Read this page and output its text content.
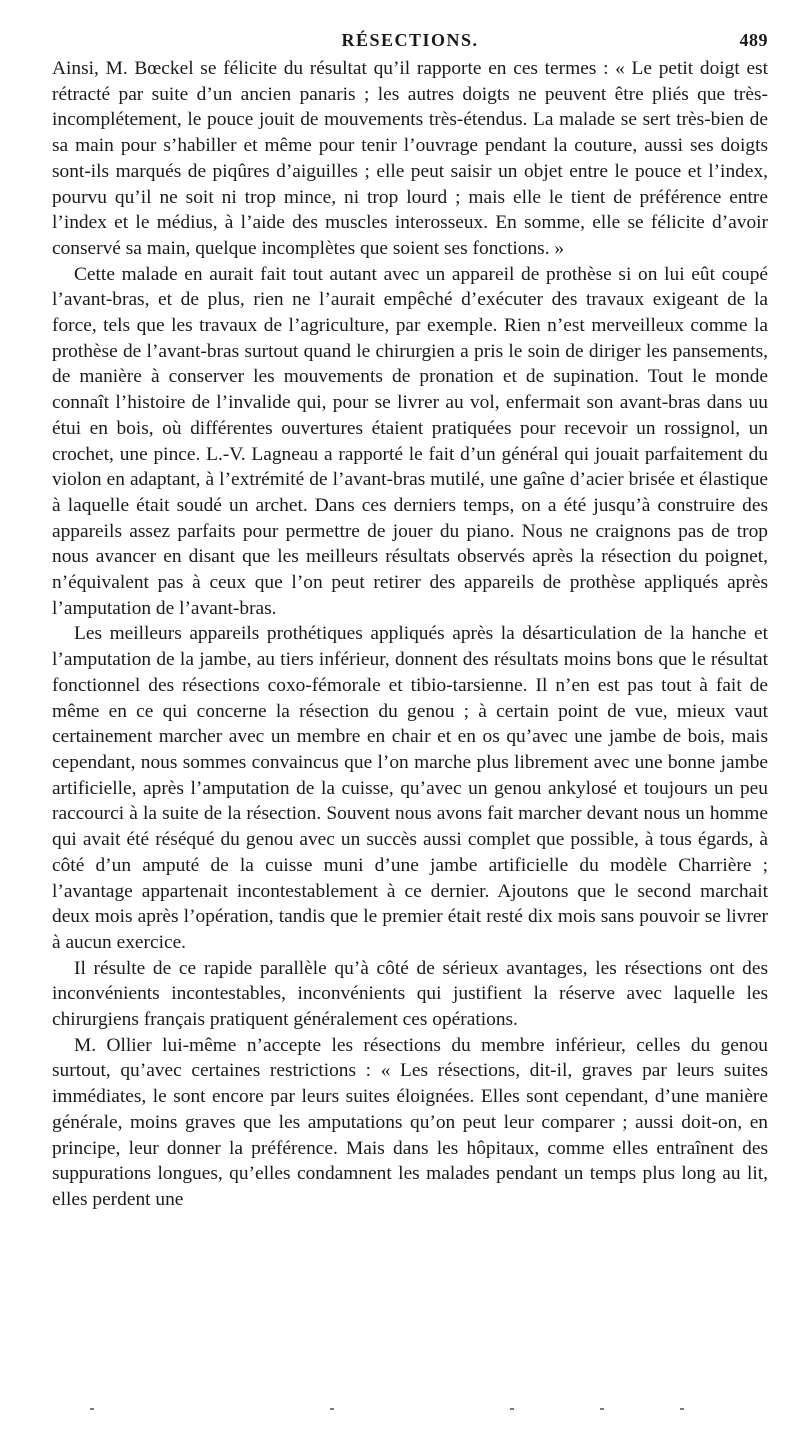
RÉSECTIONS.	489

Ainsi, M. Bœckel se félicite du résultat qu’il rapporte en ces termes : « Le petit doigt est rétracté par suite d’un ancien panaris ; les autres doigts ne peuvent être pliés que très-incomplétement, le pouce jouit de mouvements très-étendus. La malade se sert très-bien de sa main pour s’habiller et même pour tenir l’ouvrage pendant la couture, aussi ses doigts sont-ils marqués de piqûres d’aiguilles ; elle peut saisir un objet entre le pouce et l’index, pourvu qu’il ne soit ni trop mince, ni trop lourd ; mais elle le tient de préférence entre l’index et le médius, à l’aide des muscles interosseux. En somme, elle se félicite d’avoir conservé sa main, quelque incomplètes que soient ses fonctions. »

Cette malade en aurait fait tout autant avec un appareil de prothèse si on lui eût coupé l’avant-bras, et de plus, rien ne l’aurait empêché d’exécuter des travaux exigeant de la force, tels que les travaux de l’agriculture, par exemple. Rien n’est merveilleux comme la prothèse de l’avant-bras surtout quand le chirurgien a pris le soin de diriger les pansements, de manière à conserver les mouvements de pronation et de supination. Tout le monde connaît l’histoire de l’invalide qui, pour se livrer au vol, enfermait son avant-bras dans uu étui en bois, où différentes ouvertures étaient pratiquées pour recevoir un rossignol, un crochet, une pince. L.-V. Lagneau a rapporté le fait d’un général qui jouait parfaitement du violon en adaptant, à l’extrémité de l’avant-bras mutilé, une gaîne d’acier brisée et élastique à laquelle était soudé un archet. Dans ces derniers temps, on a été jusqu’à construire des appareils assez parfaits pour permettre de jouer du piano. Nous ne craignons pas de trop nous avancer en disant que les meilleurs résultats observés après la résection du poignet, n’équivalent pas à ceux que l’on peut retirer des appareils de prothèse appliqués après l’amputation de l’avant-bras.

Les meilleurs appareils prothétiques appliqués après la désarticulation de la hanche et l’amputation de la jambe, au tiers inférieur, donnent des résultats moins bons que le résultat fonctionnel des résections coxo-fémorale et tibio-tarsienne. Il n’en est pas tout à fait de même en ce qui concerne la résection du genou ; à certain point de vue, mieux vaut certainement marcher avec un membre en chair et en os qu’avec une jambe de bois, mais cependant, nous sommes convaincus que l’on marche plus librement avec une bonne jambe artificielle, après l’amputation de la cuisse, qu’avec un genou ankylosé et toujours un peu raccourci à la suite de la résection. Souvent nous avons fait marcher devant nous un homme qui avait été réséqué du genou avec un succès aussi complet que possible, à tous égards, à côté d’un amputé de la cuisse muni d’une jambe artificielle du modèle Charrière ; l’avantage appartenait incontestablement à ce dernier. Ajoutons que le second marchait deux mois après l’opération, tandis que le premier était resté dix mois sans pouvoir se livrer à aucun exercice.

Il résulte de ce rapide parallèle qu’à côté de sérieux avantages, les résections ont des inconvénients incontestables, inconvénients qui justifient la réserve avec laquelle les chirurgiens français pratiquent généralement ces opérations.

M. Ollier lui-même n’accepte les résections du membre inférieur, celles du genou surtout, qu’avec certaines restrictions : « Les résections, dit-il, graves par leurs suites immédiates, le sont encore par leurs suites éloignées. Elles sont cependant, d’une manière générale, moins graves que les amputations qu’on peut leur comparer ; aussi doit-on, en principe, leur donner la préférence. Mais dans les hôpitaux, comme elles entraînent des suppurations longues, qu’elles condamnent les malades pendant un temps plus long au lit, elles perdent une
